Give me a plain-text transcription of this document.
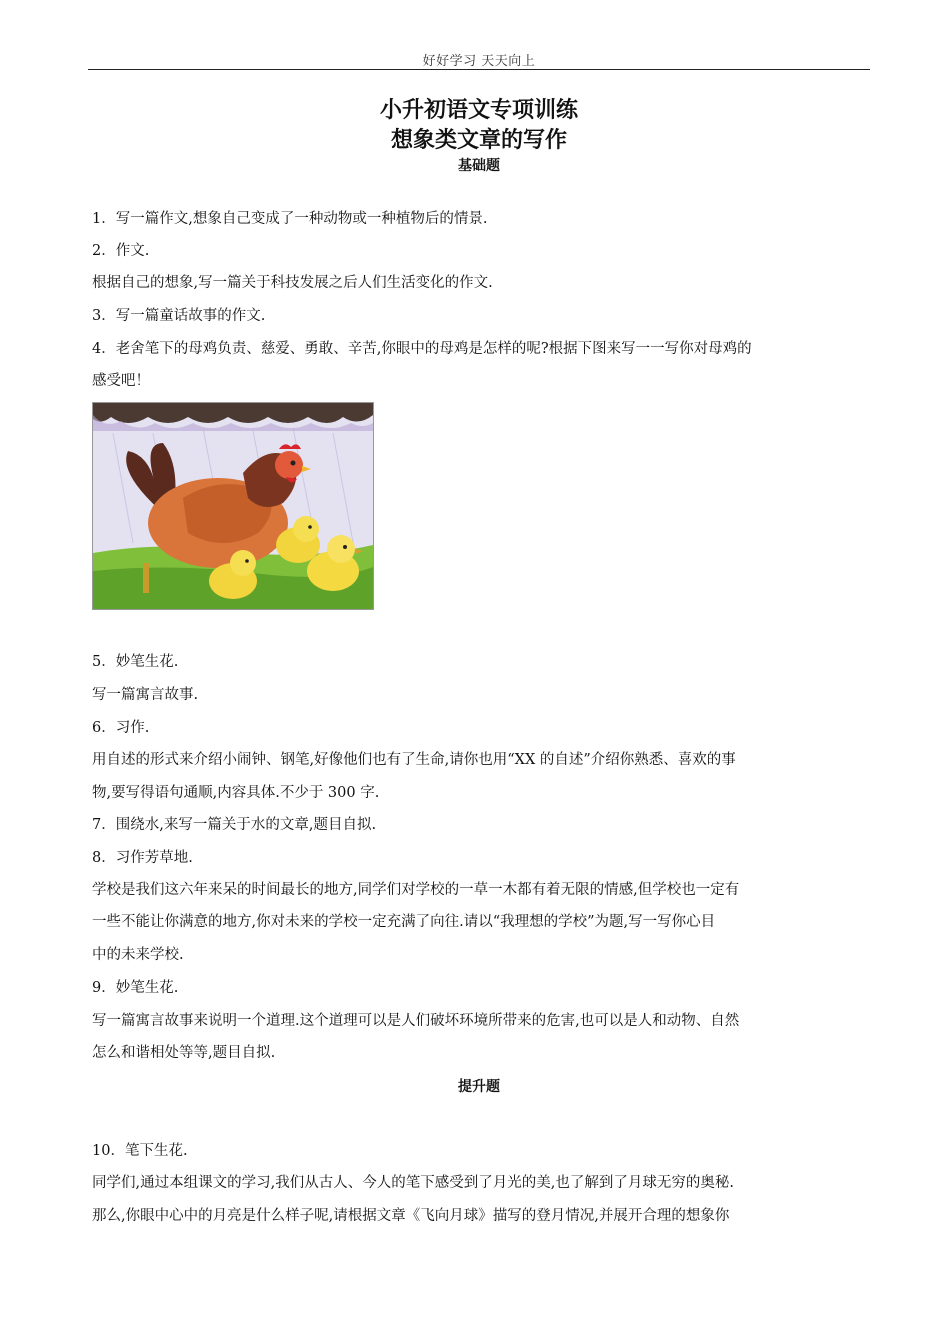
好好学习 天天向上
小升初语文专项训练
想象类文章的写作
基础题
1．写一篇作文,想象自己变成了一种动物或一种植物后的情景.
2．作文.
根据自己的想象,写一篇关于科技发展之后人们生活变化的作文.
3．写一篇童话故事的作文.
4．老舍笔下的母鸡负责、慈爱、勇敢、辛苦,你眼中的母鸡是怎样的呢?根据下图来写一一写你对母鸡的
感受吧！
5．妙笔生花.
写一篇寓言故事.
6．习作.
用自述的形式来介绍小闹钟、钢笔,好像他们也有了生命,请你也用“XX 的自述”介绍你熟悉、喜欢的事
物,要写得语句通顺,内容具体.不少于 300 字.
7．围绕水,来写一篇关于水的文章,题目自拟.
8．习作芳草地.
学校是我们这六年来呆的时间最长的地方,同学们对学校的一草一木都有着无限的情感,但学校也一定有
一些不能让你满意的地方,你对未来的学校一定充满了向往.请以“我理想的学校”为题,写一写你心目
中的未来学校.
9．妙笔生花.
写一篇寓言故事来说明一个道理.这个道理可以是人们破坏环境所带来的危害,也可以是人和动物、自然
怎么和谐相处等等,题目自拟.
提升题
10．笔下生花.
同学们,通过本组课文的学习,我们从古人、今人的笔下感受到了月光的美,也了解到了月球无穷的奥秘.
那么,你眼中心中的月亮是什么样子呢,请根据文章《飞向月球》描写的登月情况,并展开合理的想象你
